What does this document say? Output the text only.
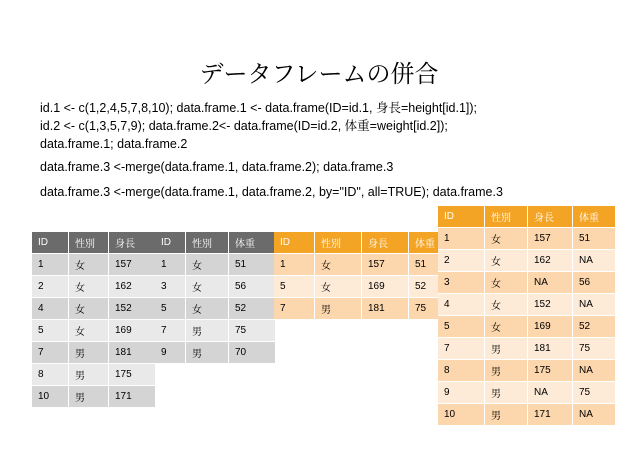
データフレームの併合
id.1 <- c(1,2,4,5,7,8,10); data.frame.1 <- data.frame(ID=id.1, 身長=height[id.1]);
id.2 <- c(1,3,5,7,9); data.frame.2<- data.frame(ID=id.2, 体重=weight[id.2]);
data.frame.1; data.frame.2
data.frame.3 <-merge(data.frame.1, data.frame.2); data.frame.3
data.frame.3 <-merge(data.frame.1, data.frame.2, by="ID", all=TRUE); data.frame.3
ID	性別	身長
1	女	157
2	女	162
4	女	152
5	女	169
7	男	181
8	男	175
10	男	171
ID	性別	体重
1	女	51
3	女	56
5	女	52
7	男	75
9	男	70
ID	性別	身長	体重
1	女	157	51
5	女	169	52
7	男	181	75
ID	性別	身長	体重
1	女	157	51
2	女	162	NA
3	女	NA	56
4	女	152	NA
5	女	169	52
7	男	181	75
8	男	175	NA
9	男	NA	75
10	男	171	NA
